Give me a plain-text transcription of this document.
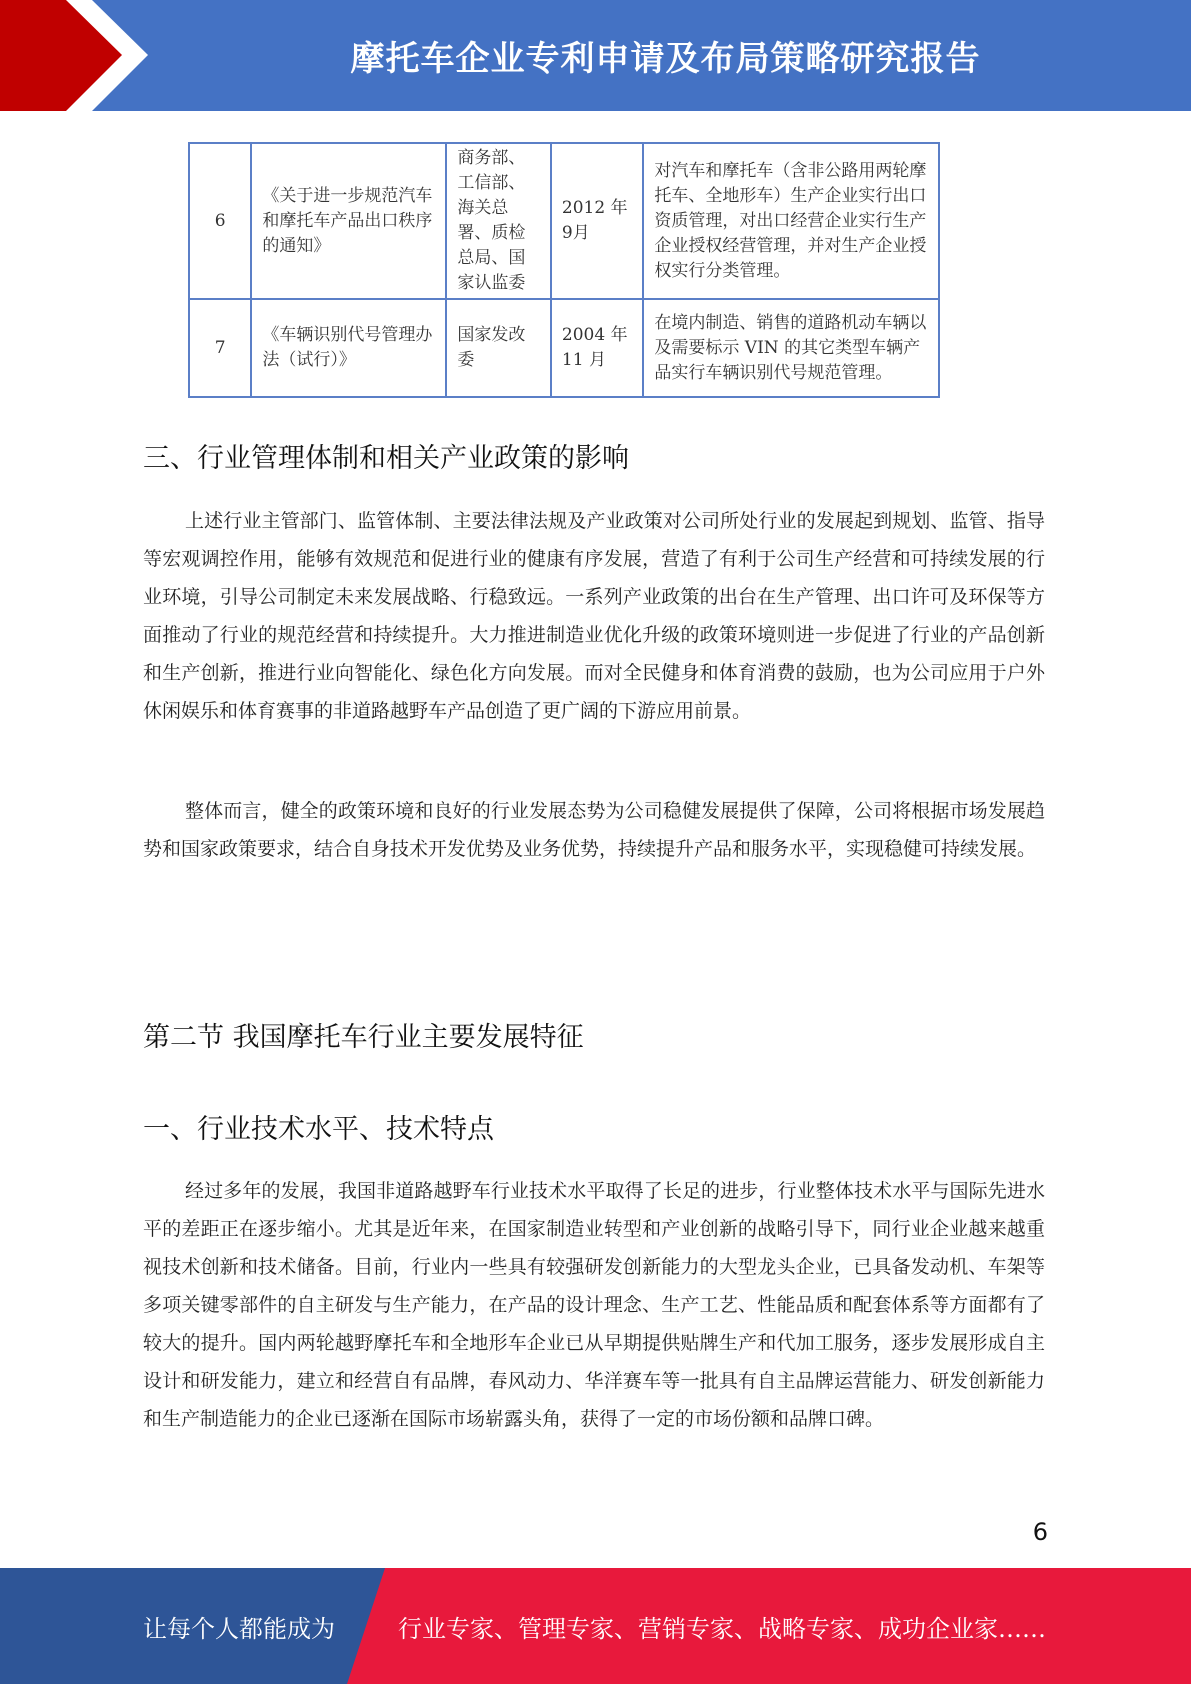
摩托车企业专利申请及布局策略研究报告
6	《关于进一步规范汽车和摩托车产品出口秩序的通知》	商务部、工信部、海关总署、质检总局、国家认监委	2012 年 9月	对汽车和摩托车（含非公路用两轮摩托车、全地形车）生产企业实行出口资质管理，对出口经营企业实行生产企业授权经营管理，并对生产企业授权实行分类管理。
7	《车辆识别代号管理办法（试行）》	国家发改委	2004 年 11 月	在境内制造、销售的道路机动车辆以及需要标示 VIN 的其它类型车辆产品实行车辆识别代号规范管理。
三、行业管理体制和相关产业政策的影响

上述行业主管部门、监管体制、主要法律法规及产业政策对公司所处行业的发展起到规划、监管、指导等宏观调控作用，能够有效规范和促进行业的健康有序发展，营造了有利于公司生产经营和可持续发展的行业环境，引导公司制定未来发展战略、行稳致远。一系列产业政策的出台在生产管理、出口许可及环保等方面推动了行业的规范经营和持续提升。大力推进制造业优化升级的政策环境则进一步促进了行业的产品创新和生产创新，推进行业向智能化、绿色化方向发展。而对全民健身和体育消费的鼓励，也为公司应用于户外休闲娱乐和体育赛事的非道路越野车产品创造了更广阔的下游应用前景。

整体而言，健全的政策环境和良好的行业发展态势为公司稳健发展提供了保障，公司将根据市场发展趋势和国家政策要求，结合自身技术开发优势及业务优势，持续提升产品和服务水平，实现稳健可持续发展。

第二节 我国摩托车行业主要发展特征
一、行业技术水平、技术特点

经过多年的发展，我国非道路越野车行业技术水平取得了长足的进步，行业整体技术水平与国际先进水平的差距正在逐步缩小。尤其是近年来，在国家制造业转型和产业创新的战略引导下，同行业企业越来越重视技术创新和技术储备。目前，行业内一些具有较强研发创新能力的大型龙头企业，已具备发动机、车架等多项关键零部件的自主研发与生产能力，在产品的设计理念、生产工艺、性能品质和配套体系等方面都有了较大的提升。国内两轮越野摩托车和全地形车企业已从早期提供贴牌生产和代加工服务，逐步发展形成自主设计和研发能力，建立和经营自有品牌，春风动力、华洋赛车等一批具有自主品牌运营能力、研发创新能力和生产制造能力的企业已逐渐在国际市场崭露头角，获得了一定的市场份额和品牌口碑。

6
让每个人都能成为	行业专家、管理专家、营销专家、战略专家、成功企业家……
